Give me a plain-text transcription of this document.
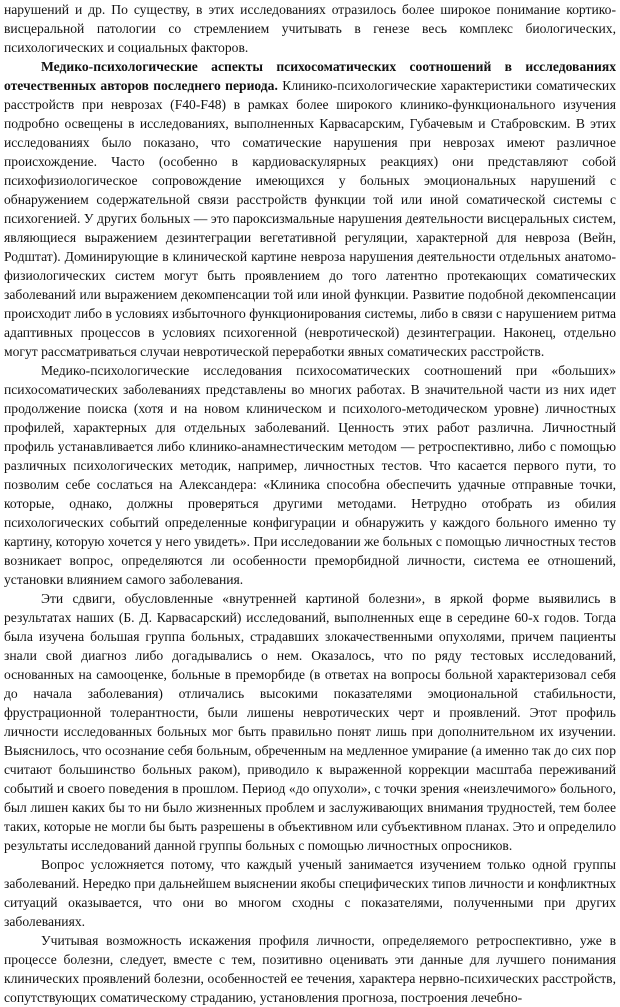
нарушений и др. По существу, в этих исследованиях отразилось более широкое понимание кортико-висцеральной патологии со стремлением учитывать в генезе весь комплекс биологических, психологических и социальных факторов.

Медико-психологические аспекты психосоматических соотношений в исследованиях отечественных авторов последнего периода. Клинико-психологические характеристики соматических расстройств при неврозах (F40-F48) в рамках более широкого клинико-функционального изучения подробно освещены в исследованиях, выполненных Карвасарским, Губачевым и Стабровским. В этих исследованиях было показано, что соматические нарушения при неврозах имеют различное происхождение. Часто (особенно в кардиоваскулярных реакциях) они представляют собой психофизиологическое сопровождение имеющихся у больных эмоциональных нарушений с обнаружением содержательной связи расстройств функции той или иной соматической системы с психогенией. У других больных — это пароксизмальные нарушения деятельности висцеральных систем, являющиеся выражением дезинтеграции вегетативной регуляции, характерной для невроза (Вейн, Родштат). Доминирующие в клинической картине невроза нарушения деятельности отдельных анатомо-физиологических систем могут быть проявлением до того латентно протекающих соматических заболеваний или выражением декомпенсации той или иной функции. Развитие подобной декомпенсации происходит либо в условиях избыточного функционирования системы, либо в связи с нарушением ритма адаптивных процессов в условиях психогенной (невротической) дезинтеграции. Наконец, отдельно могут рассматриваться случаи невротической переработки явных соматических расстройств.

Медико-психологические исследования психосоматических соотношений при «больших» психосоматических заболеваниях представлены во многих работах. В значительной части из них идет продолжение поиска (хотя и на новом клиническом и психолого-методическом уровне) личностных профилей, характерных для отдельных заболеваний. Ценность этих работ различна. Личностный профиль устанавливается либо клинико-анамнестическим методом — ретроспективно, либо с помощью различных психологических методик, например, личностных тестов. Что касается первого пути, то позволим себе сослаться на Александера: «Клиника способна обеспечить удачные отправные точки, которые, однако, должны проверяться другими методами. Нетрудно отобрать из обилия психологических событий определенные конфигурации и обнаружить у каждого больного именно ту картину, которую хочется у него увидеть». При исследовании же больных с помощью личностных тестов возникает вопрос, определяются ли особенности преморбидной личности, система ее отношений, установки влиянием самого заболевания.

Эти сдвиги, обусловленные «внутренней картиной болезни», в яркой форме выявились в результатах наших (Б. Д. Карвасарский) исследований, выполненных еще в середине 60-х годов. Тогда была изучена большая группа больных, страдавших злокачественными опухолями, причем пациенты знали свой диагноз либо догадывались о нем. Оказалось, что по ряду тестовых исследований, основанных на самооценке, больные в преморбиде (в ответах на вопросы больной характеризовал себя до начала заболевания) отличались высокими показателями эмоциональной стабильности, фрустрационной толерантности, были лишены невротических черт и проявлений. Этот профиль личности исследованных больных мог быть правильно понят лишь при дополнительном их изучении. Выяснилось, что осознание себя больным, обреченным на медленное умирание (а именно так до сих пор считают большинство больных раком), приводило к выраженной коррекции масштаба переживаний событий и своего поведения в прошлом. Период «до опухоли», с точки зрения «неизлечимого» больного, был лишен каких бы то ни было жизненных проблем и заслуживающих внимания трудностей, тем более таких, которые не могли бы быть разрешены в объективном или субъективном планах. Это и определило результаты исследований данной группы больных с помощью личностных опросников.

Вопрос усложняется потому, что каждый ученый занимается изучением только одной группы заболеваний. Нередко при дальнейшем выяснении якобы специфических типов личности и конфликтных ситуаций оказывается, что они во многом сходны с показателями, полученными при других заболеваниях.

Учитывая возможность искажения профиля личности, определяемого ретроспективно, уже в процессе болезни, следует, вместе с тем, позитивно оценивать эти данные для лучшего понимания клинических проявлений болезни, особенностей ее течения, характера нервно-психических расстройств, сопутствующих соматическому страданию, установления прогноза, построения лечебно-
